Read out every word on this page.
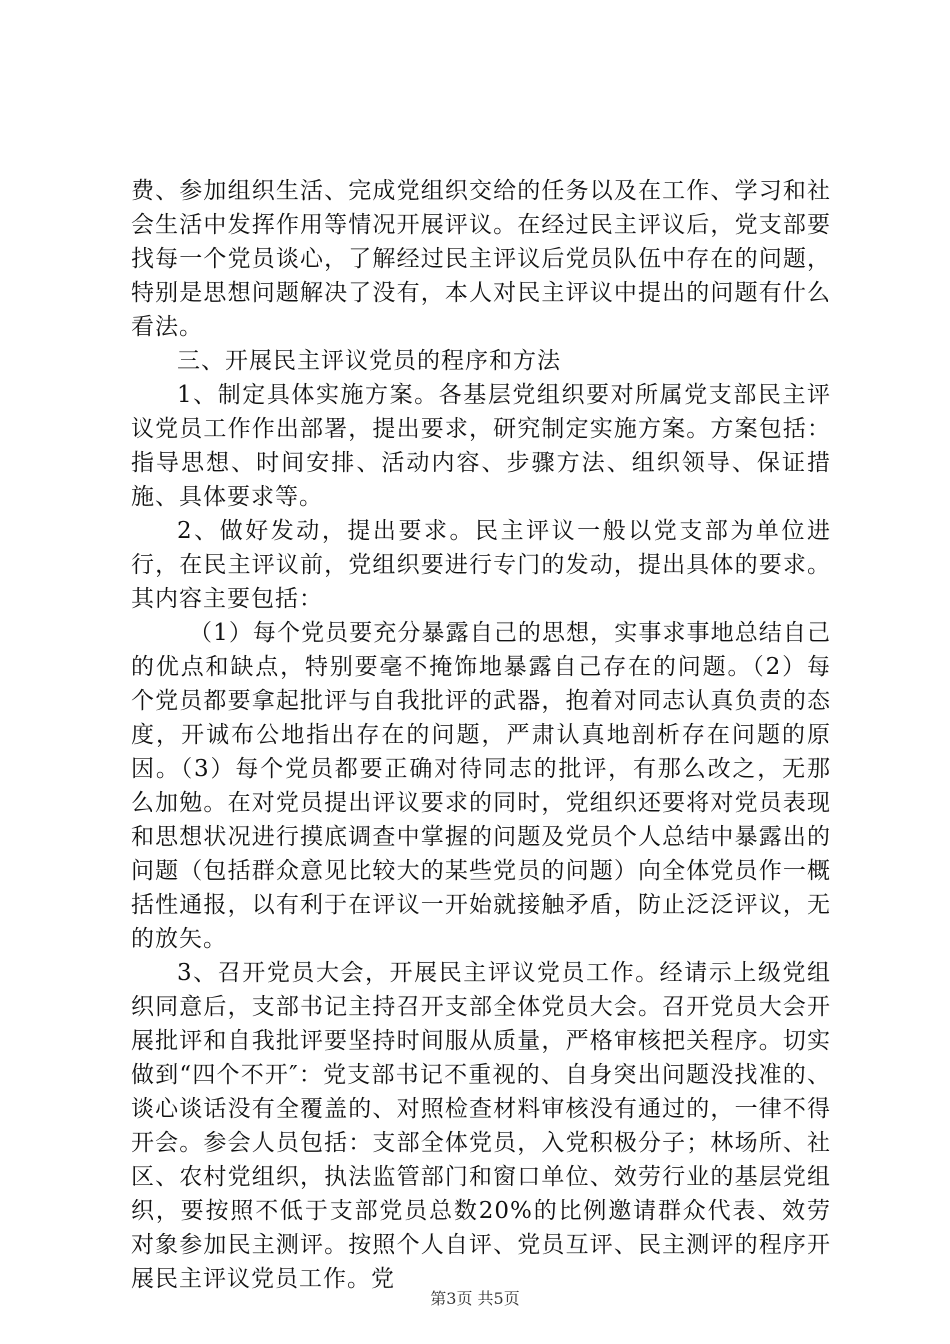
费、参加组织生活、完成党组织交给的任务以及在工作、学习和社会生活中发挥作用等情况开展评议。在经过民主评议后，党支部要找每一个党员谈心，了解经过民主评议后党员队伍中存在的问题，特别是思想问题解决了没有，本人对民主评议中提出的问题有什么看法。

三、开展民主评议党员的程序和方法

1、制定具体实施方案。各基层党组织要对所属党支部民主评议党员工作作出部署，提出要求，研究制定实施方案。方案包括：指导思想、时间安排、活动内容、步骤方法、组织领导、保证措施、具体要求等。

2、做好发动，提出要求。民主评议一般以党支部为单位进行，在民主评议前，党组织要进行专门的发动，提出具体的要求。其内容主要包括：

（1）每个党员要充分暴露自己的思想，实事求事地总结自己的优点和缺点，特别要毫不掩饰地暴露自己存在的问题。（2）每个党员都要拿起批评与自我批评的武器，抱着对同志认真负责的态度，开诚布公地指出存在的问题，严肃认真地剖析存在问题的原因。（3）每个党员都要正确对待同志的批评，有那么改之，无那么加勉。在对党员提出评议要求的同时，党组织还要将对党员表现和思想状况进行摸底调查中掌握的问题及党员个人总结中暴露出的问题（包括群众意见比较大的某些党员的问题）向全体党员作一概括性通报，以有利于在评议一开始就接触矛盾，防止泛泛评议，无的放矢。

3、召开党员大会，开展民主评议党员工作。经请示上级党组织同意后，支部书记主持召开支部全体党员大会。召开党员大会开展批评和自我批评要坚持时间服从质量，严格审核把关程序。切实做到“四个不开″：党支部书记不重视的、自身突出问题没找准的、谈心谈话没有全覆盖的、对照检查材料审核没有通过的，一律不得开会。参会人员包括：支部全体党员，入党积极分子；林场所、社区、农村党组织，执法监管部门和窗口单位、效劳行业的基层党组织，要按照不低于支部党员总数20%的比例邀请群众代表、效劳对象参加民主测评。按照个人自评、党员互评、民主测评的程序开展民主评议党员工作。党

第3页 共5页
